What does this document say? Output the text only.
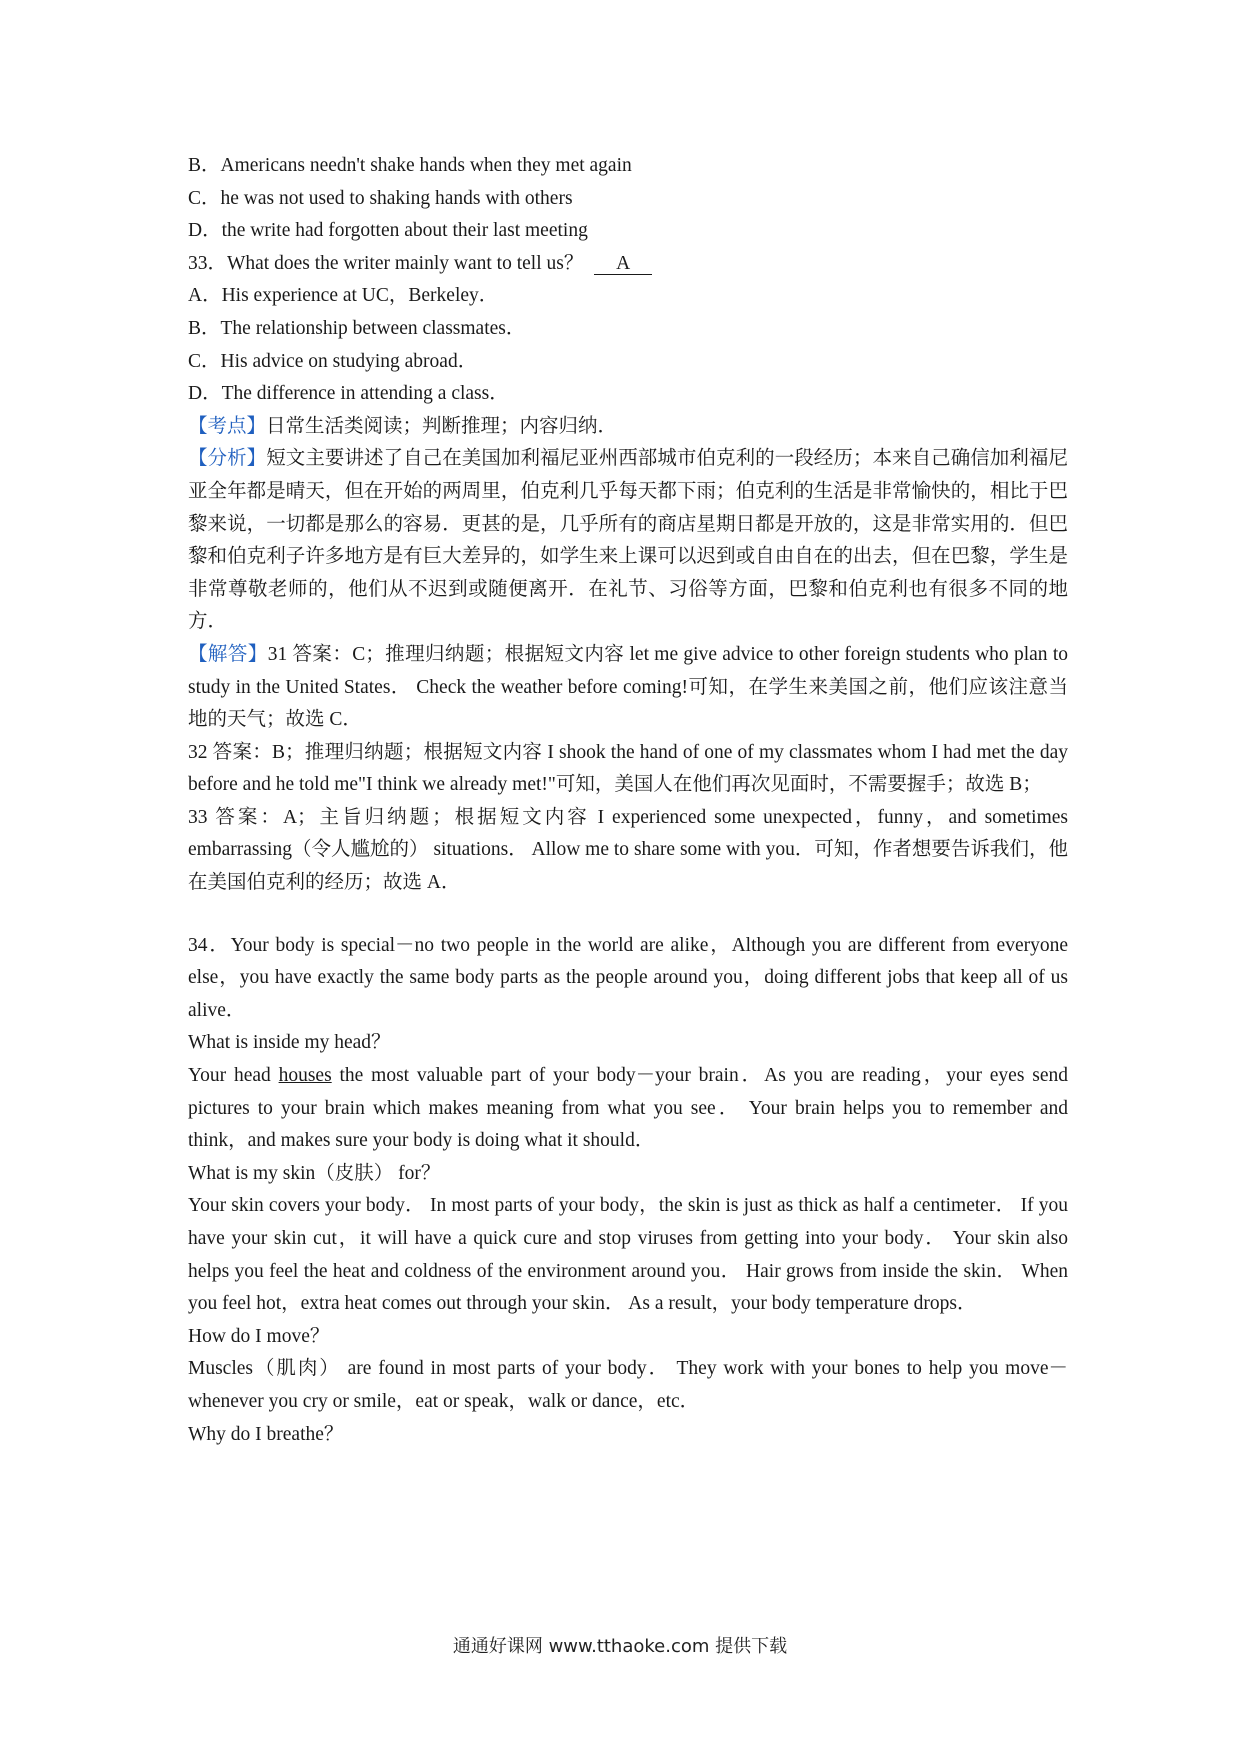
B．Americans needn't shake hands when they met again
C．he was not used to shaking hands with others
D．the write had forgotten about their last meeting
33．What does the writer mainly want to tell us？ A
A．His experience at UC，Berkeley．
B．The relationship between classmates．
C．His advice on studying abroad．
D．The difference in attending a class．
【考点】日常生活类阅读；判断推理；内容归纳．
【分析】短文主要讲述了自己在美国加利福尼亚州西部城市伯克利的一段经历；本来自己确信加利福尼亚全年都是晴天，但在开始的两周里，伯克利几乎每天都下雨；伯克利的生活是非常愉快的，相比于巴黎来说，一切都是那么的容易．更甚的是，几乎所有的商店星期日都是开放的，这是非常实用的．但巴黎和伯克利子许多地方是有巨大差异的，如学生来上课可以迟到或自由自在的出去，但在巴黎，学生是非常尊敬老师的，他们从不迟到或随便离开．在礼节、习俗等方面，巴黎和伯克利也有很多不同的地方．
【解答】31 答案：C；推理归纳题；根据短文内容 let me give advice to other foreign students who plan to study in the United States． Check the weather before coming!可知，在学生来美国之前，他们应该注意当地的天气；故选 C．
32 答案：B；推理归纳题；根据短文内容 I shook the hand of one of my classmates whom I had met the day before and he told me"I think we already met!"可知，美国人在他们再次见面时，不需要握手；故选 B；
33 答案：A；主旨归纳题；根据短文内容 I experienced some unexpected，funny，and sometimes embarrassing（令人尴尬的） situations． Allow me to share some with you．可知，作者想要告诉我们，他在美国伯克利的经历；故选 A．
34．Your body is special－no two people in the world are alike，Although you are different from everyone else，you have exactly the same body parts as the people around you，doing different jobs that keep all of us alive．
What is inside my head？
Your head houses the most valuable part of your body－your brain．As you are reading，your eyes send pictures to your brain which makes meaning from what you see． Your brain helps you to remember and think，and makes sure your body is doing what it should．
What is my skin（皮肤） for？
Your skin covers your body． In most parts of your body，the skin is just as thick as half a centimeter． If you have your skin cut，it will have a quick cure and stop viruses from getting into your body． Your skin also helps you feel the heat and coldness of the environment around you． Hair grows from inside the skin． When you feel hot，extra heat comes out through your skin． As a result，your body temperature drops．
How do I move？
Muscles（肌肉） are found in most parts of your body． They work with your bones to help you move－whenever you cry or smile，eat or speak，walk or dance，etc．
Why do I breathe？
通通好课网 www.tthaoke.com 提供下载
